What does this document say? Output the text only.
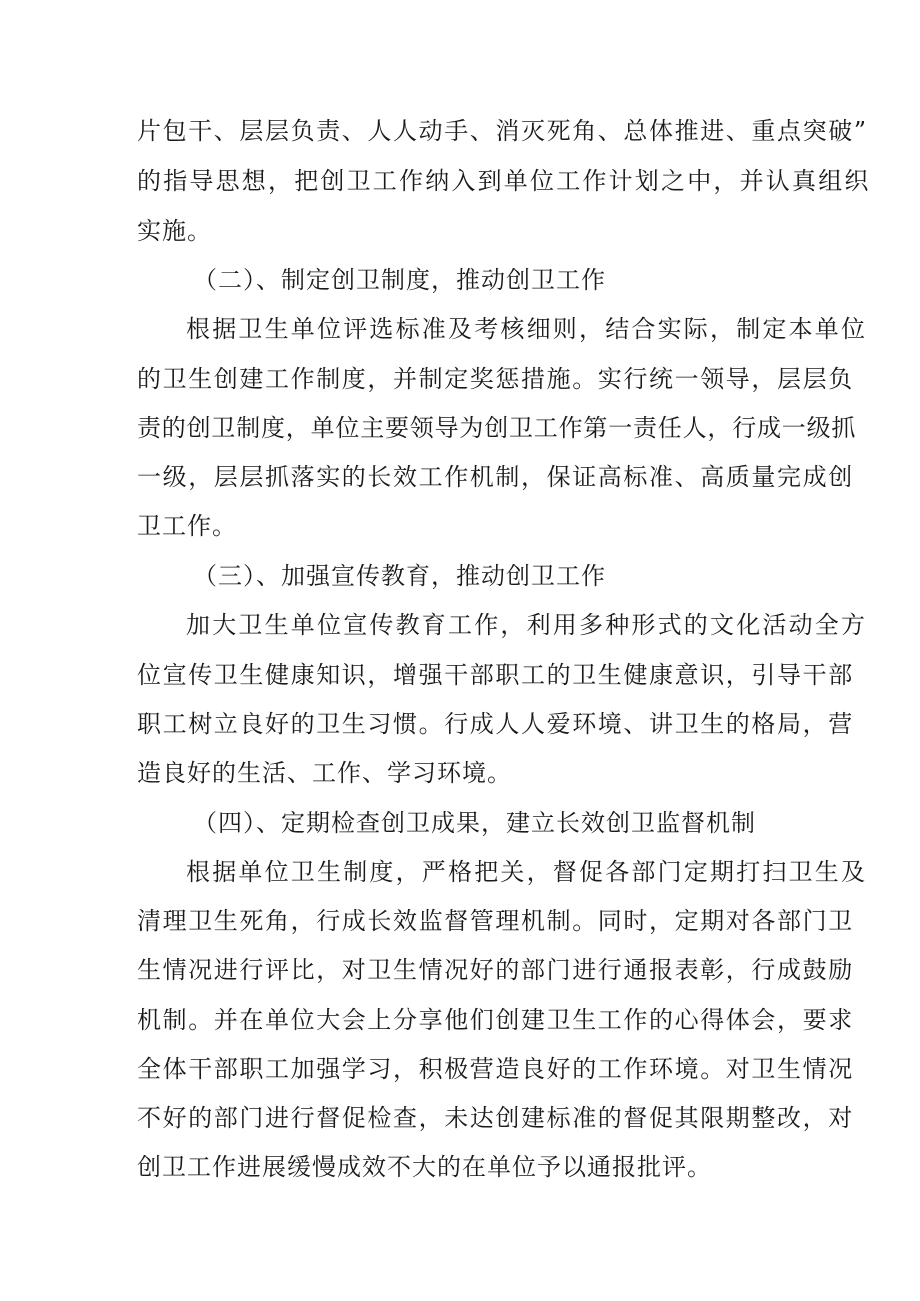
片包干、层层负责、人人动手、消灭死角、总体推进、重点突破”
的指导思想，把创卫工作纳入到单位工作计划之中，并认真组织
实施。
（二）、制定创卫制度，推动创卫工作
根据卫生单位评选标准及考核细则，结合实际，制定本单位
的卫生创建工作制度，并制定奖惩措施。实行统一领导，层层负
责的创卫制度，单位主要领导为创卫工作第一责任人，行成一级抓
一级，层层抓落实的长效工作机制，保证高标准、高质量完成创
卫工作。
（三）、加强宣传教育，推动创卫工作
加大卫生单位宣传教育工作，利用多种形式的文化活动全方
位宣传卫生健康知识，增强干部职工的卫生健康意识，引导干部
职工树立良好的卫生习惯。行成人人爱环境、讲卫生的格局，营
造良好的生活、工作、学习环境。
（四）、定期检查创卫成果，建立长效创卫监督机制
根据单位卫生制度，严格把关，督促各部门定期打扫卫生及
清理卫生死角，行成长效监督管理机制。同时，定期对各部门卫
生情况进行评比，对卫生情况好的部门进行通报表彰，行成鼓励
机制。并在单位大会上分享他们创建卫生工作的心得体会，要求
全体干部职工加强学习，积极营造良好的工作环境。对卫生情况
不好的部门进行督促检查，未达创建标准的督促其限期整改，对
创卫工作进展缓慢成效不大的在单位予以通报批评。
